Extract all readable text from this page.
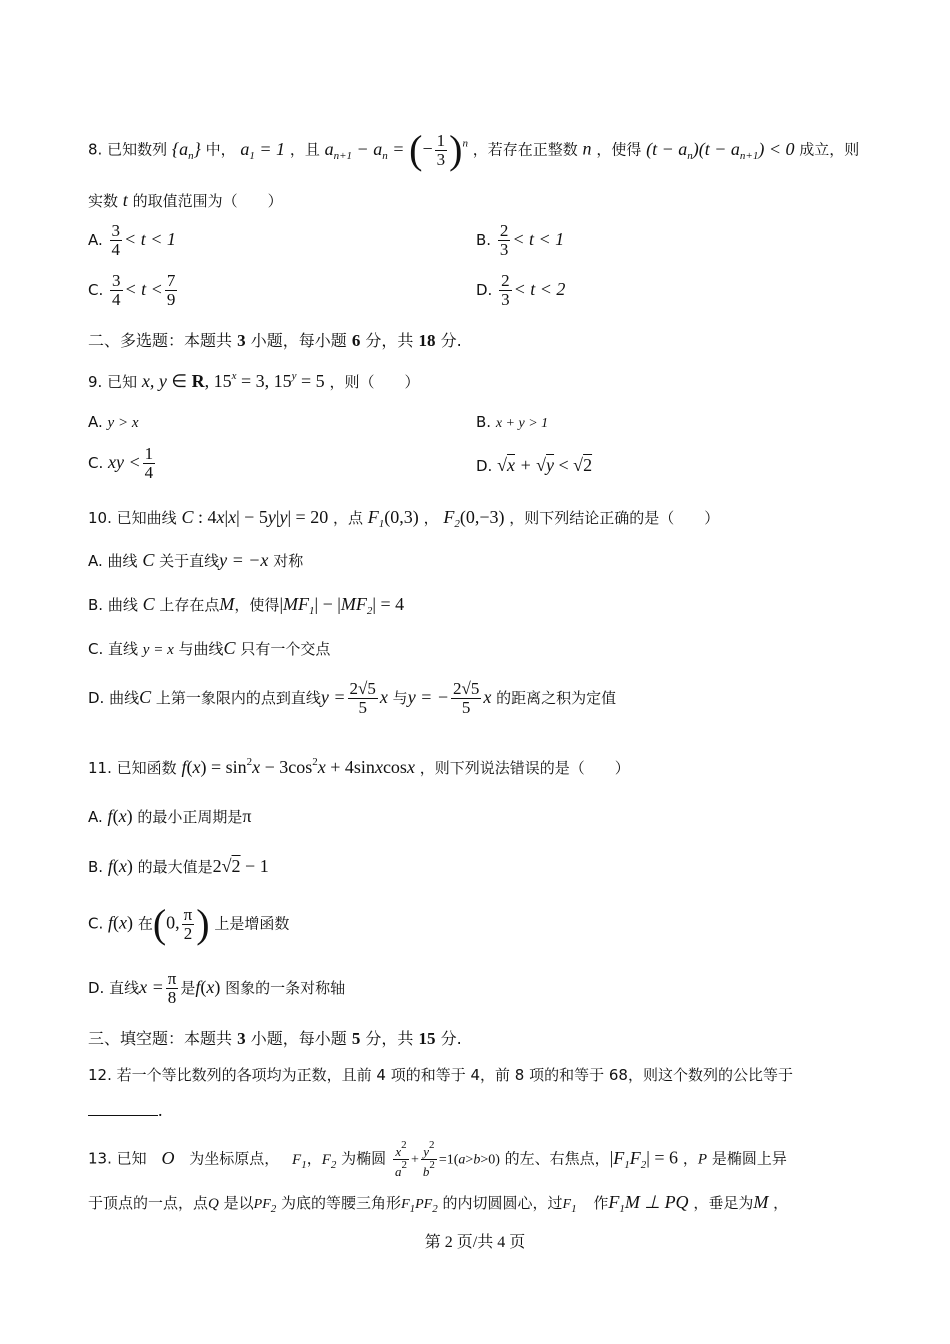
8. 已知数列 $\{a_n\}$ 中， $a_1 = 1$ ，且 $a_{n+1} - a_n$ = (− $\frac{1}{3} )^n$ ，若存在正整数 n ，使得 $(t - a_n)(t - a_{n+1}) < 0$ 成立，则
实数 t 的取值范围为（　　）
A. $\frac{3}{4} < t < 1$	B. $\frac{2}{3} < t < 1$
C. $\frac{3}{4} < t < \frac{7}{9}$	D. $\frac{2}{3} < t < 2$
二、多选题：本题共 3 小题，每小题 6 分，共 18 分.
9. 已知 x, y ∈ R, $15^x = 3$, $15^y = 5$ ，则（　　）
A. y > x	B. x + y > 1
C. xy < $\frac{1}{4}$	D. √x + √y < √2
10. 已知曲线 C : 4x|x| − 5y|y| = 20 ，点 $F_1(0,3)$ ， $F_2(0,-3)$ ，则下列结论正确的是（　　）
A. 曲线 C 关于直线y = −x 对称
B. 曲线 C 上存在点M，使得$|MF_1| - |MF_2| = 4$
C. 直线 y = x 与曲线C 只有一个交点
D. 曲线C 上第一象限内的点到直线$y = \frac{2√5}{5}$ x 与y = − $\frac{2√5}{5}$ x 的距离之积为定值
11. 已知函数 $f(x) = \sin^2x - 3\cos^2x$ + 4sinxcosx ，则下列说法错误的是（　　）
A. f(x) 的最小正周期是π
B. f(x) 的最大值是2√2 − 1
C. f(x) 在(0, $\frac{\pi}{2}$ ) 上是增函数
D. 直线$x = \frac{\pi}{8}$ 是f(x) 图象的一条对称轴
三、填空题：本题共 3 小题，每小题 5 分，共 15 分.
12. 若一个等比数列的各项均为正数，且前 4 项的和等于 4，前 8 项的和等于 68，则这个数列的公比等于
.
13. 已知 O 为坐标原点， $F_1$，$F_2$ 为椭圆 $\frac{x^2}{a^2} + \frac{y^2}{b^2} =1(a>b>0)$ 的左、右焦点，$|F_1F_2| = 6$ ，P 是椭圆上异
于顶点的一点，点Q 是以$PF_2$ 为底的等腰三角形$F_1PF_2$ 的内切圆圆心，过$F_1$ 作$F_1M$ ⊥ PQ ，垂足为M ，
第 2 页/共 4 页
